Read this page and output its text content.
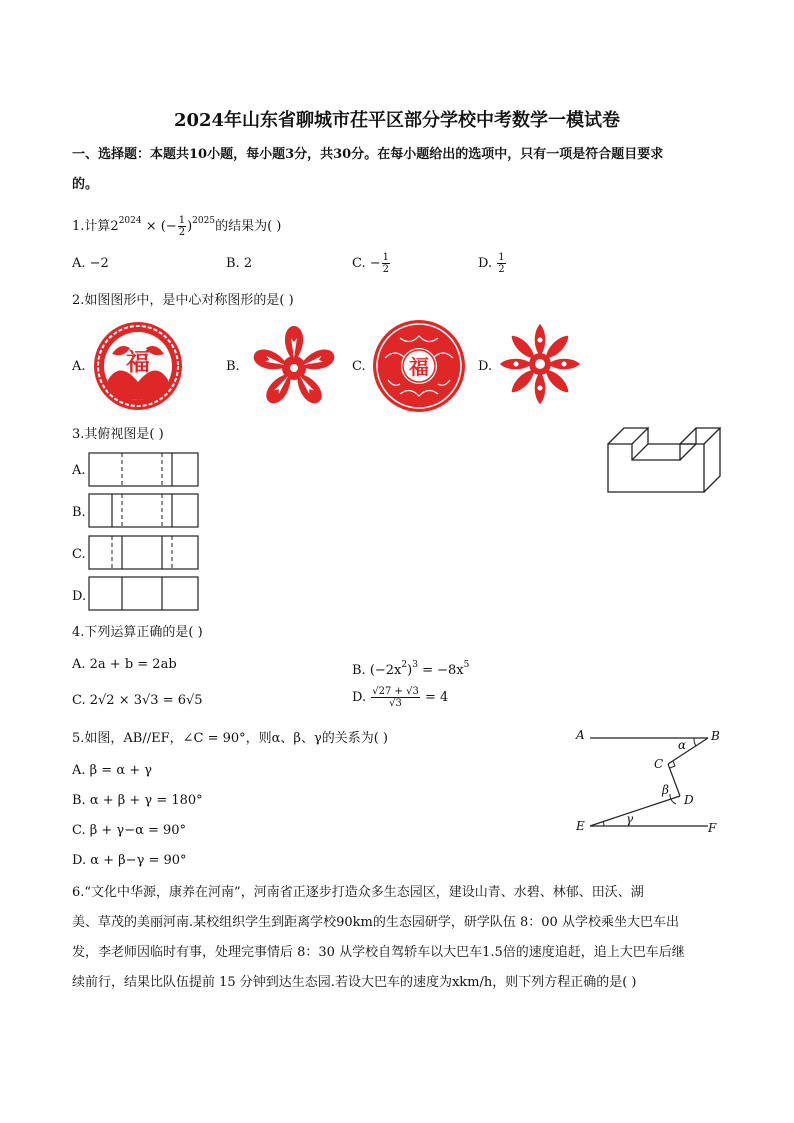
2024年山东省聊城市茌平区部分学校中考数学一模试卷
一、选择题：本题共10小题，每小题3分，共30分。在每小题给出的选项中，只有一项是符合题目要求
的。
1.计算$2^{2024}$ × (− $\frac{1}{2} )^{2025}$的结果为( )
A. −2	B. 2	C. − $\frac{1}{2}$	D. $\frac{1}{2}$
2.如图图形中，是中心对称图形的是( )
A.	B.	C.	D.
福	福
3.其俯视图是( )
A.
B.
C.
D.
4.下列运算正确的是( )
A. 2a + b = 2ab	B. $(-2x^2)^3 = -8x^5$
C. 2√2 × 3√3 = 6√5	D. $\frac{√27 + √3}{√3} = 4$
5.如图，AB//EF，∠C = 90°，则α、β、γ的关系为( )
A. β = α + γ
B. α + β + γ = 180°
C. β + γ−α = 90°
D. α + β−γ = 90°
A	B
C
D
E	F
α
β
γ
6.“文化中华源，康养在河南”，河南省正逐步打造众多生态园区，建设山青、水碧、林郁、田沃、湖
美、草茂的美丽河南.某校组织学生到距离学校90km的生态园研学，研学队伍 8：00 从学校乘坐大巴车出
发，李老师因临时有事，处理完事情后 8：30 从学校自驾轿车以大巴车1.5倍的速度追赶，追上大巴车后继
续前行，结果比队伍提前 15 分钟到达生态园.若设大巴车的速度为xkm/h，则下列方程正确的是( )
